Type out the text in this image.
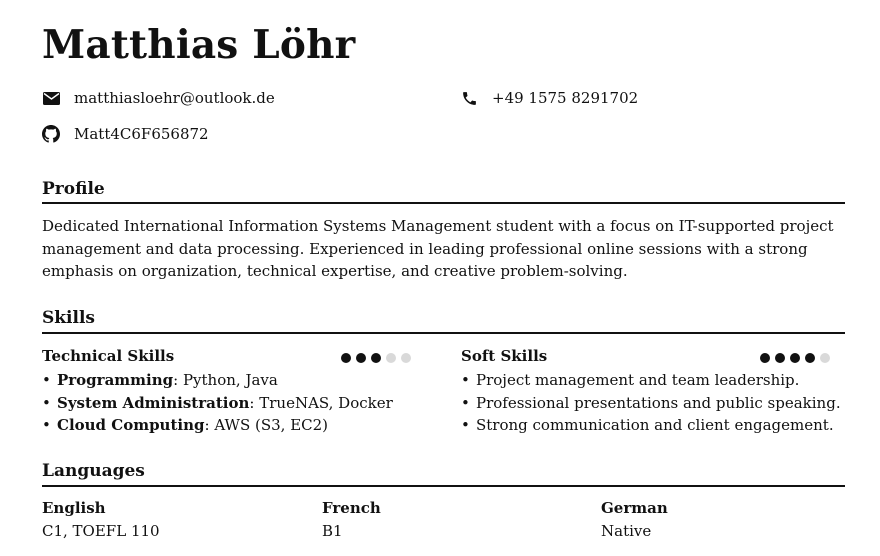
Matthias Löhr
matthiasloehr@outlook.de	+49 1575 8291702
Matt4C6F656872
Profile
Dedicated International Information Systems Management student with a focus on IT-supported project management and data processing. Experienced in leading professional online sessions with a strong emphasis on organization, technical expertise, and creative problem-solving.
Skills
Technical Skills
• Programming: Python, Java
• System Administration: TrueNAS, Docker
• Cloud Computing: AWS (S3, EC2)
Soft Skills
• Project management and team leadership.
• Professional presentations and public speaking.
• Strong communication and client engagement.
Languages
English
C1, TOEFL 110
French
B1
German
Native
